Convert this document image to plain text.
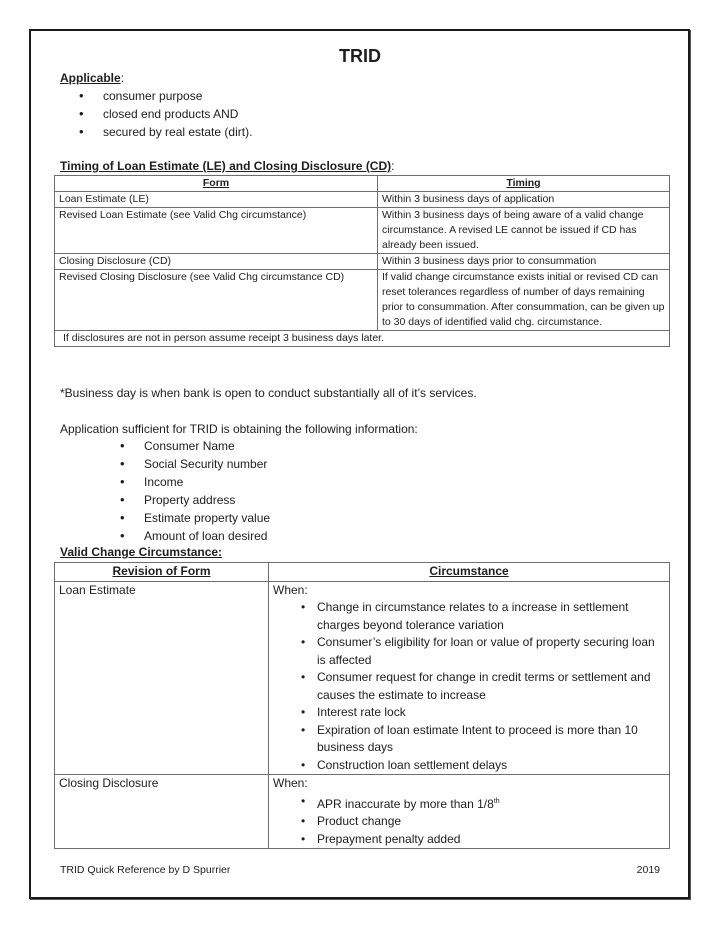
TRID
Applicable:
• consumer purpose
• closed end products AND
• secured by real estate (dirt).
Timing of Loan Estimate (LE) and Closing Disclosure (CD):
Form	Timing
Loan Estimate (LE)	Within 3 business days of application
Revised Loan Estimate (see Valid Chg circumstance)	Within 3 business days of being aware of a valid change circumstance. A revised LE cannot be issued if CD has already been issued.
Closing Disclosure (CD)	Within 3 business days prior to consummation
Revised Closing Disclosure (see Valid Chg circumstance CD)	If valid change circumstance exists initial or revised CD can reset tolerances regardless of number of days remaining prior to consummation. After consummation, can be given up to 30 days of identified valid chg. circumstance.
If disclosures are not in person assume receipt 3 business days later.	
*Business day is when bank is open to conduct substantially all of it’s services.
Application sufficient for TRID is obtaining the following information:
• Consumer Name
• Social Security number
• Income
• Property address
• Estimate property value
• Amount of loan desired
Valid Change Circumstance:
Revision of Form	Circumstance
Loan Estimate	When:
• Change in circumstance relates to a increase in settlement charges beyond tolerance variation
• Consumer’s eligibility for loan or value of property securing loan is affected
• Consumer request for change in credit terms or settlement and causes the estimate to increase
• Interest rate lock
• Expiration of loan estimate Intent to proceed is more than 10 business days
• Construction loan settlement delays

Closing Disclosure	When:
• APR inaccurate by more than 1/8th
• Product change
• Prepayment penalty added
TRID Quick Reference by D Spurrier	2019
